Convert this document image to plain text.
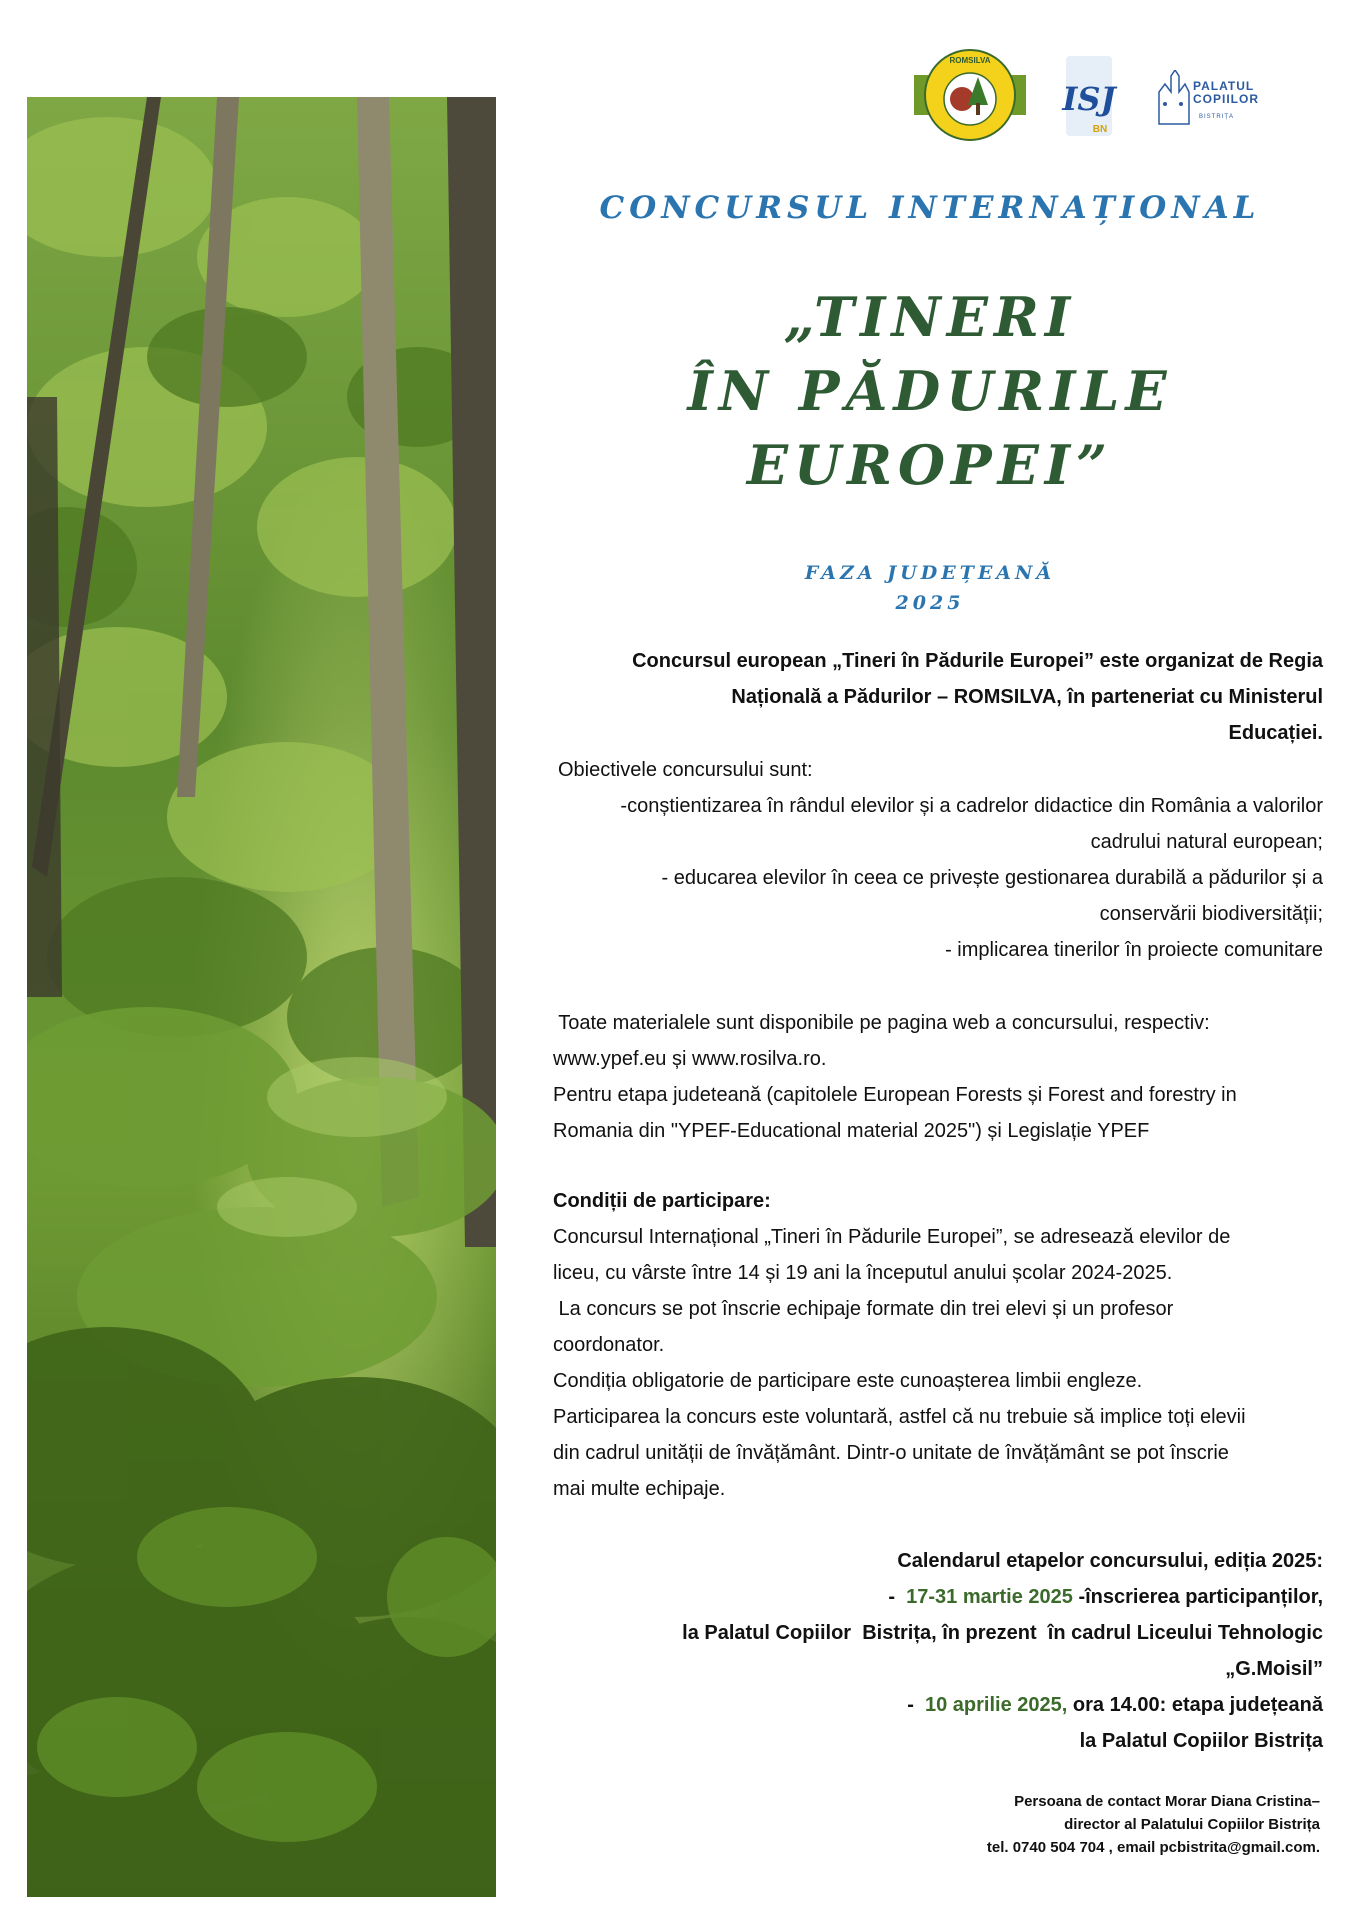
ROMSILVA
ISJ
BN
PALATUL
COPIILOR
BISTRIȚA
CONCURSUL INTERNAȚIONAL
„TINERI
ÎN PĂDURILE
EUROPEI”
FAZA JUDEȚEANĂ
2025

Concursul european „Tineri în Pădurile Europei” este organizat de Regia

Națională a Pădurilor – ROMSILVA, în parteneriat cu Ministerul

Educației.

Obiectivele concursului sunt:

-conștientizarea în rândul elevilor și a cadrelor didactice din România a valorilor

cadrului natural european;

- educarea elevilor în ceea ce privește gestionarea durabilă a pădurilor și a

conservării biodiversității;

- implicarea tinerilor în proiecte comunitare

Toate materialele sunt disponibile pe pagina web a concursului, respectiv:

www.ypef.eu și www.rosilva.ro.

Pentru etapa judeteană (capitolele European Forests și Forest and forestry in

Romania din "YPEF-Educational material 2025") și Legislație YPEF

Condiții de participare:

Concursul Internațional „Tineri în Pădurile Europei”, se adresează elevilor de

liceu, cu vârste între 14 și 19 ani la începutul anului școlar 2024-2025.

La concurs se pot înscrie echipaje formate din trei elevi și un profesor

coordonator.

Condiția obligatorie de participare este cunoașterea limbii engleze.

Participarea la concurs este voluntară, astfel că nu trebuie să implice toți elevii

din cadrul unității de învățământ. Dintr-o unitate de învățământ se pot înscrie

mai multe echipaje.

Calendarul etapelor concursului, ediția 2025:

-  17-31 martie 2025 -înscrierea participanților,

la Palatul Copiilor  Bistrița, în prezent  în cadrul Liceului Tehnologic

„G.Moisil”

-  10 aprilie 2025, ora 14.00: etapa județeană

la Palatul Copiilor Bistrița

Persoana de contact Morar Diana Cristina–

director al Palatului Copiilor Bistrița

tel. 0740 504 704 , email pcbistrita@gmail.com.
